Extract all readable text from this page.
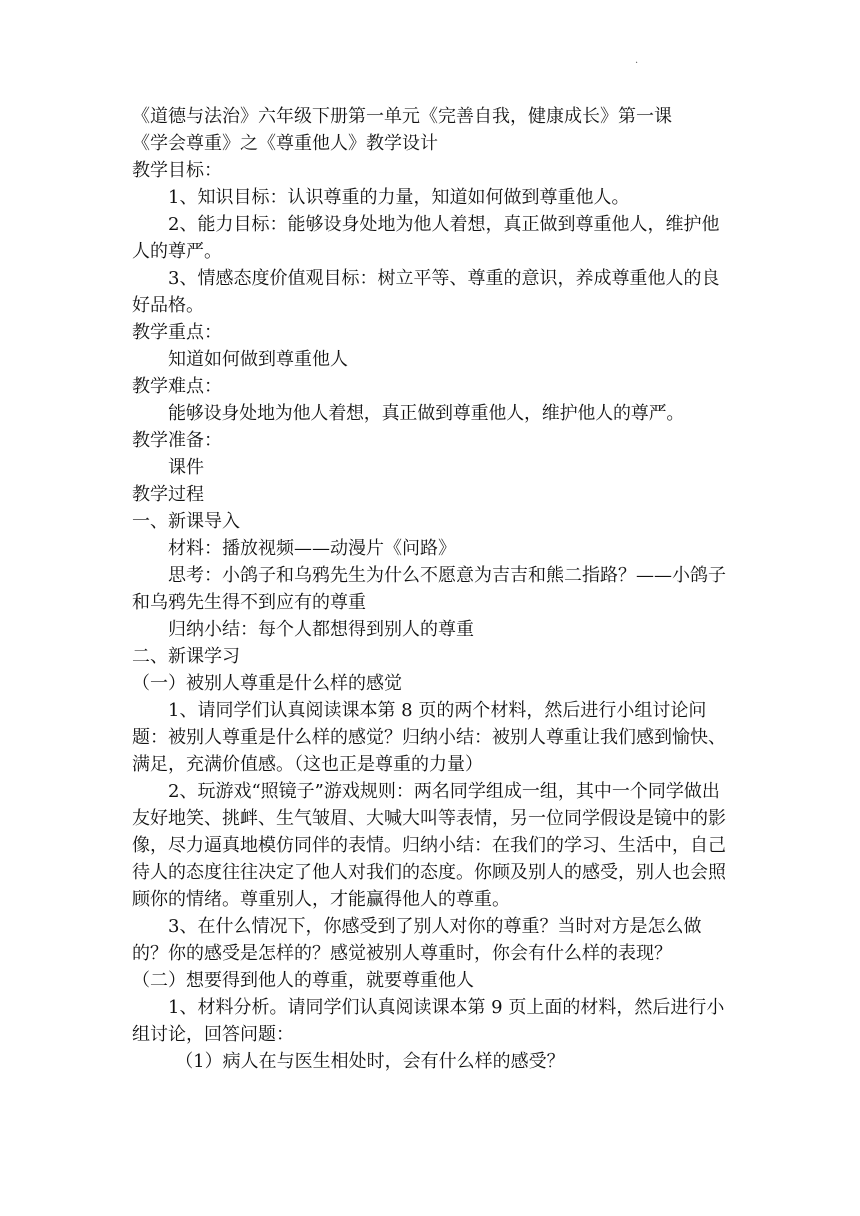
·

《道德与法治》六年级下册第一单元《完善自我，健康成长》第一课

《学会尊重》之《尊重他人》教学设计

教学目标：

1、知识目标：认识尊重的力量，知道如何做到尊重他人。

2、能力目标：能够设身处地为他人着想，真正做到尊重他人，维护他人的尊严。

3、情感态度价值观目标：树立平等、尊重的意识，养成尊重他人的良好品格。

教学重点：

知道如何做到尊重他人

教学难点：

能够设身处地为他人着想，真正做到尊重他人，维护他人的尊严。

教学准备：

课件

教学过程

一、新课导入

材料：播放视频——动漫片《问路》

思考：小鸽子和乌鸦先生为什么不愿意为吉吉和熊二指路？——小鸽子和乌鸦先生得不到应有的尊重

归纳小结：每个人都想得到别人的尊重

二、新课学习

（一）被别人尊重是什么样的感觉

1、请同学们认真阅读课本第 8 页的两个材料，然后进行小组讨论问题：被别人尊重是什么样的感觉？归纳小结：被别人尊重让我们感到愉快、满足，充满价值感。（这也正是尊重的力量）

2、玩游戏“照镜子”游戏规则：两名同学组成一组，其中一个同学做出友好地笑、挑衅、生气皱眉、大喊大叫等表情，另一位同学假设是镜中的影像，尽力逼真地模仿同伴的表情。归纳小结：在我们的学习、生活中，自己待人的态度往往决定了他人对我们的态度。你顾及别人的感受，别人也会照顾你的情绪。尊重别人，才能赢得他人的尊重。

3、在什么情况下，你感受到了别人对你的尊重？当时对方是怎么做的？你的感受是怎样的？感觉被别人尊重时，你会有什么样的表现？

（二）想要得到他人的尊重，就要尊重他人

1、材料分析。请同学们认真阅读课本第 9 页上面的材料，然后进行小组讨论，回答问题：

（1）病人在与医生相处时，会有什么样的感受？
